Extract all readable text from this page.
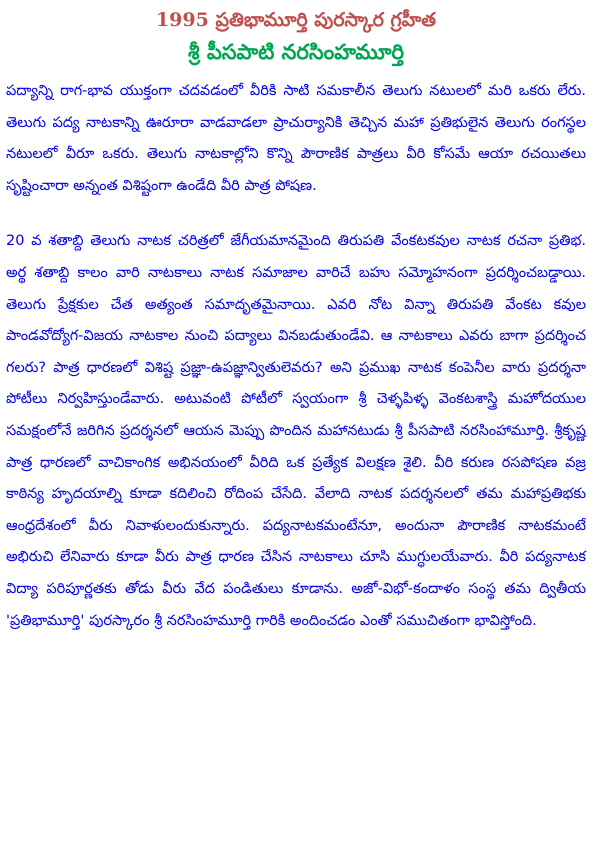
1995 ప్రతిభామూర్తి పురస్కార గ్రహీత
శ్రీ పీసపాటి నరసింహమూర్తి

పద్యాన్ని రాగ-భావ యుక్తంగా చదవడంలో వీరికి సాటి సమకాలీన తెలుగు నటులలో మరి ఒకరు లేరు. తెలుగు పద్య నాటకాన్ని ఊరూరా వాడవాడలా ప్రాచుర్యానికి తెచ్చిన మహా ప్రతిభులైన తెలుగు రంగస్థల నటులలో వీరూ ఒకరు. తెలుగు నాటకాల్లోని కొన్ని పౌరాణిక పాత్రలు వీరి కోసమే ఆయా రచయితలు సృష్టించారా అన్నంత విశిష్టంగా ఉండేది వీరి పాత్ర పోషణ.

20 వ శతాబ్ది తెలుగు నాటక చరిత్రలో జేగీయమానమైంది తిరుపతి వేంకటకవుల నాటక రచనా ప్రతిభ. అర్థ శతాబ్ది కాలం వారి నాటకాలు నాటక సమాజాల వారిచే బహు సమ్మోహనంగా ప్రదర్శించబడ్డాయి. తెలుగు ప్రేక్షకుల చేత అత్యంత సమాదృతమైనాయి. ఎవరి నోట విన్నా తిరుపతి వేంకట కవుల పాండవోద్యోగ-విజయ నాటకాల నుంచి పద్యాలు వినబడుతుండేవి. ఆ నాటకాలు ఎవరు బాగా ప్రదర్శించ గలరు? పాత్ర ధారణలో విశిష్ట ప్రజ్ఞా-ఉపజ్ఞాన్వితులెవరు? అని ప్రముఖ నాటక కంపెనీల వారు ప్రదర్శనా పోటీలు నిర్వహిస్తుండేవారు. అటువంటి పోటీలో స్వయంగా శ్రీ చెళ్ళపిళ్ళ వెంకటశాస్త్రి మహోదయుల సమక్షంలోనే జరిగిన ప్రదర్శనలో ఆయన మెప్పు పొందిన మహానటుడు శ్రీ పీసపాటి నరసింహామూర్తి. శ్రీకృష్ణ పాత్ర ధారణలో వాచికాంగిక అభినయంలో వీరిది ఒక ప్రత్యేక విలక్షణ శైలి. వీరి కరుణ రసపోషణ వజ్ర కాఠిన్య హృదయాల్ని కూడా కదిలించి రోదింప చేసేది. వేలాది నాటక పదర్శనలలో తమ మహాప్రతిభకు ఆంధ్రదేశంలో వీరు నివాళులందుకున్నారు. పద్యనాటకమంటేనూ, అందునా పౌరాణిక నాటకమంటే అభిరుచి లేనివారు కూడా వీరు పాత్ర ధారణ చేసిన నాటకాలు చూసి ముగ్ధులయేవారు. వీరి పద్యనాటక విద్యా పరిపూర్ణతకు తోడు వీరు వేద పండితులు కూడాను. అజో-విభో-కందాళం సంస్థ తమ ద్వితీయ 'ప్రతిభామూర్తి' పురస్కారం శ్రీ నరసింహమూర్తి గారికి అందించడం ఎంతో సముచితంగా భావిస్తోంది.
